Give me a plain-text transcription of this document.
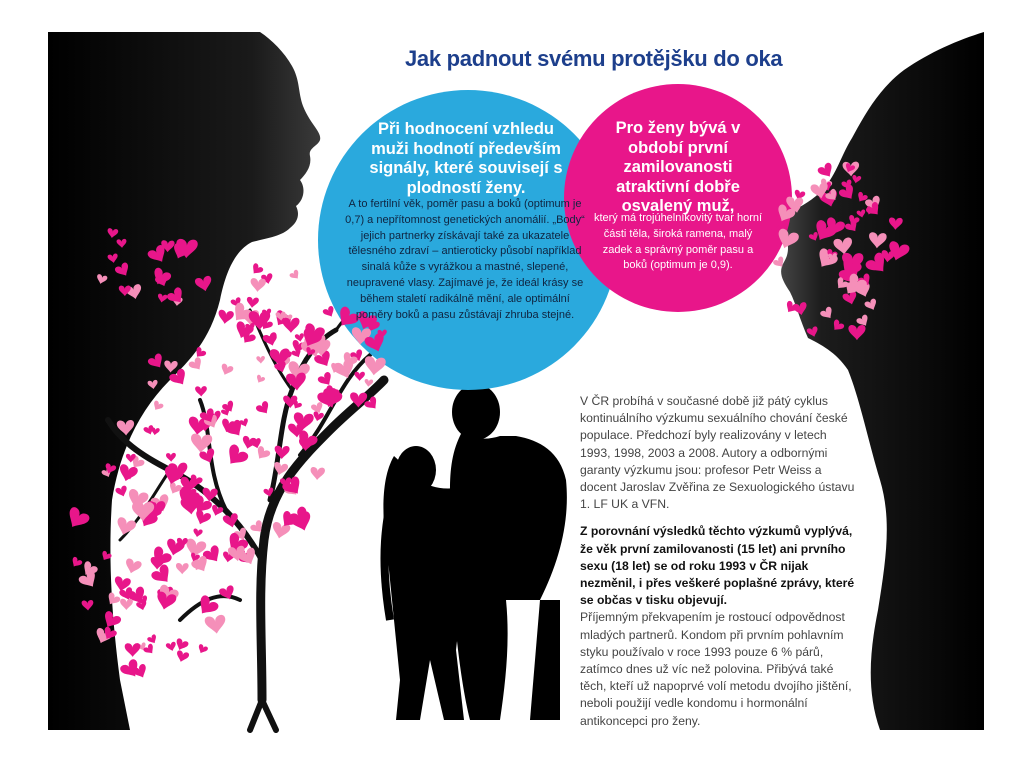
Jak padnout svému protějšku do oka

Při hodnocení vzhledu muži hodnotí především signály, které souvisejí s plodností ženy.

A to fertilní věk, poměr pasu a boků (optimum je 0,7) a nepřítomnost genetických anomálií. „Body“ jejich partnerky získávají také za ukazatele tělesného zdraví – antieroticky působí například sinalá kůže s vyrážkou a mastné, slepené, neupravené vlasy. Zajímavé je, že ideál krásy se během staletí radikálně mění, ale optimální poměry boků a pasu zůstávají zhruba stejné.

Pro ženy bývá v období první zamilovanosti atraktivní dobře osvalený muž,

který má trojúhelníkovitý tvar horní části těla, široká ramena, malý zadek a správný poměr pasu a boků (optimum je 0,9).

V ČR probíhá v současné době již pátý cyklus kontinuálního výzkumu sexuálního chování české populace. Předchozí byly realizovány v letech 1993, 1998, 2003 a 2008. Autory a odbornými garanty výzkumu jsou: profesor Petr Weiss a docent Jaroslav Zvěřina ze Sexuologického ústavu 1. LF UK a VFN.

Z porovnání výsledků těchto výzkumů vyplývá, že věk první zamilovanosti (15 let) ani prvního sexu (18 let) se od roku 1993 v ČR nijak nezměnil, i přes veškeré poplašné zprávy, které se občas v tisku objevují.

Příjemným překvapením je rostoucí odpovědnost mladých partnerů. Kondom při prvním pohlavním styku používalo v roce 1993 pouze 6 % párů, zatímco dnes už víc než polovina. Přibývá také těch, kteří už napoprvé volí metodu dvojího jištění, neboli použijí vedle kondomu i hormonální antikoncepci pro ženy.
